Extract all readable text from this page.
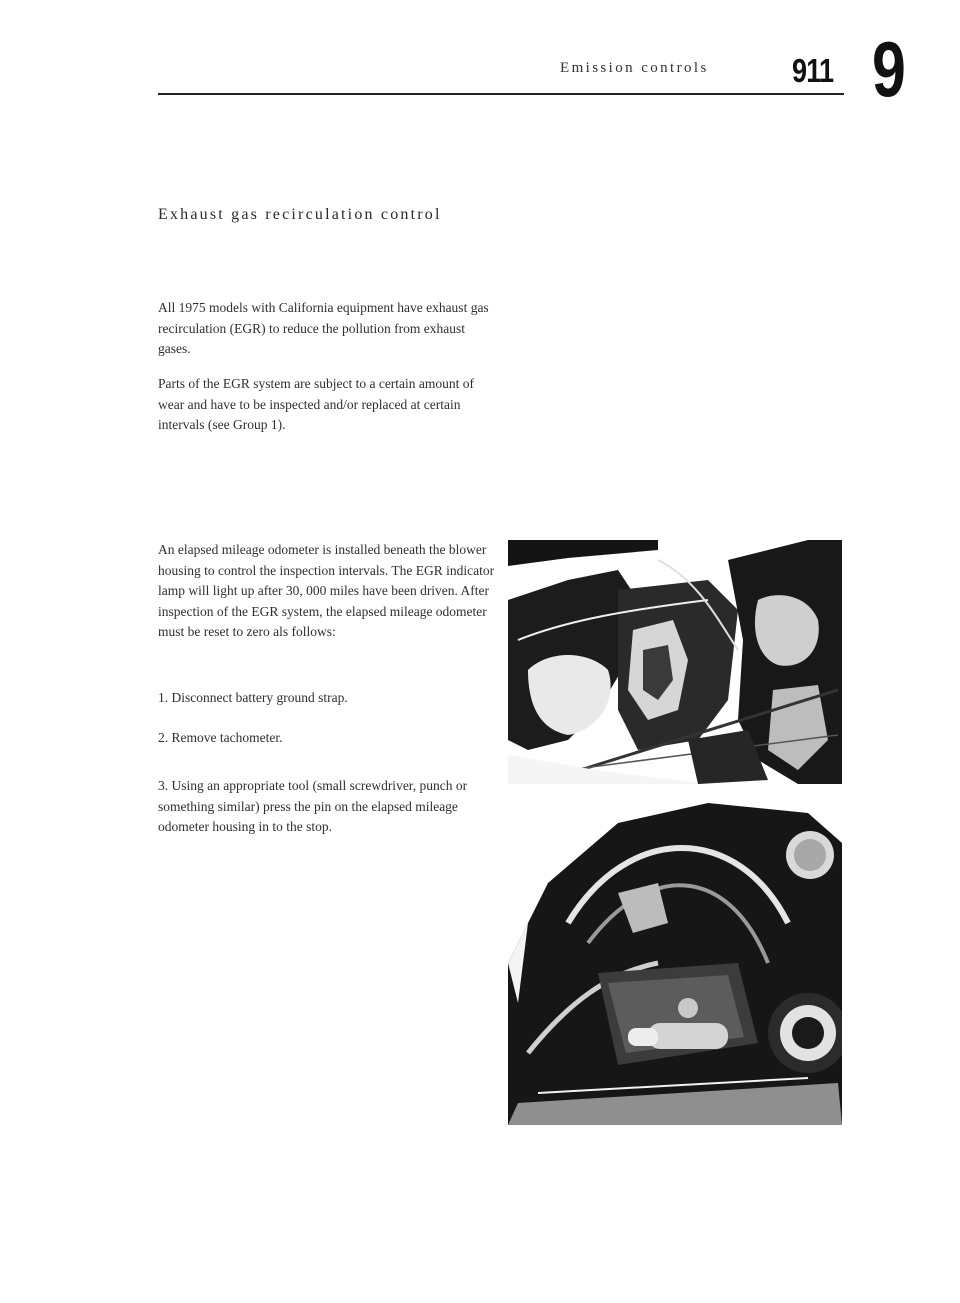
Emission controls	911 9
Exhaust gas recirculation control

All 1975 models with California equipment have exhaust gas recirculation (EGR) to reduce the pollution from exhaust gases.

Parts of the EGR system are subject to a certain amount of wear and have to be inspected and/or replaced at certain intervals (see Group 1).

An elapsed mileage odometer is installed beneath the blower housing to control the inspection intervals. The EGR indicator lamp will light up after 30, 000 miles have been driven. After inspection of the EGR system, the elapsed mileage odometer must be reset to zero als follows:

1. Disconnect battery ground strap.

2. Remove tachometer.

3. Using an appropriate tool (small screwdriver, punch or something similar) press the pin on the elapsed mileage odometer housing in to the stop.
